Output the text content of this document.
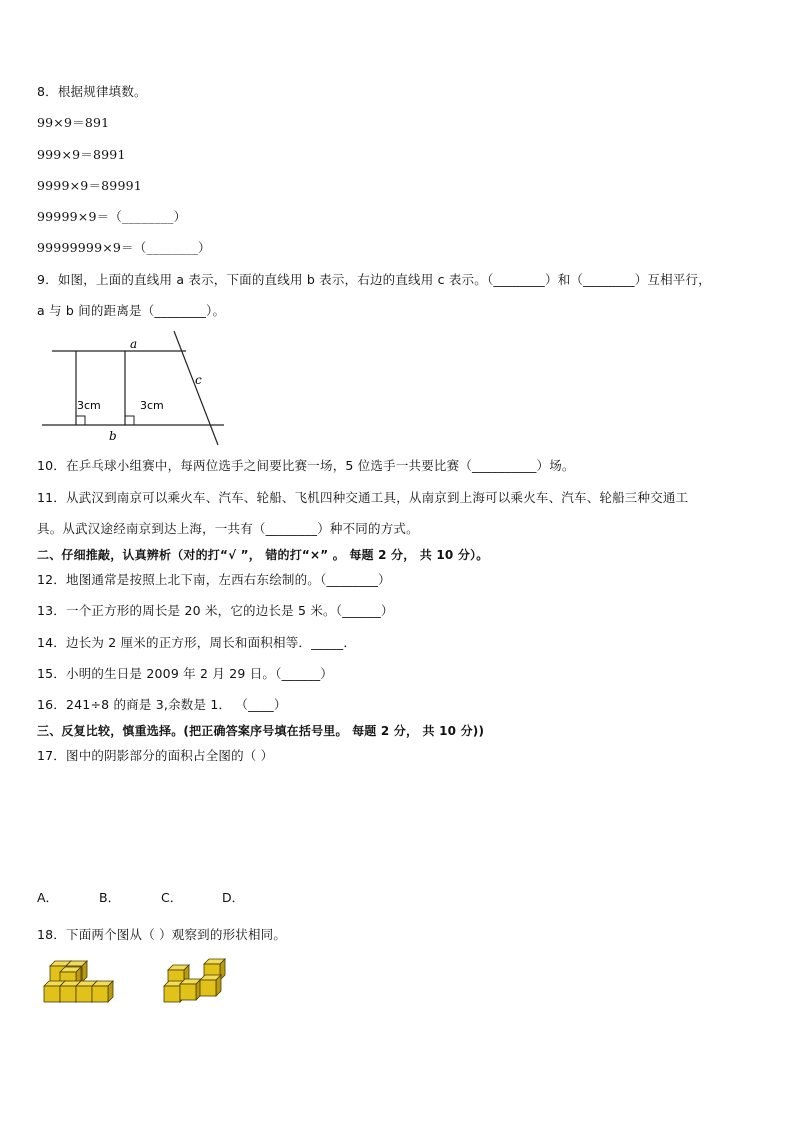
8．根据规律填数。
99×9＝891
999×9＝8991
9999×9＝89991
99999×9＝（________）
99999999×9＝（________）
9．如图，上面的直线用 a 表示，下面的直线用 b 表示，右边的直线用 c 表示。（________）和（________）互相平行，
a 与 b 间的距离是（________）。
a
b
c
3cm	3cm
10．在乒乓球小组赛中，每两位选手之间要比赛一场，5 位选手一共要比赛（__________）场。
11．从武汉到南京可以乘火车、汽车、轮船、飞机四种交通工具，从南京到上海可以乘火车、汽车、轮船三种交通工
具。从武汉途经南京到达上海，一共有（________）种不同的方式。
二、仔细推敲，认真辨析（对的打“√ ”， 错的打“×” 。 每题 2 分， 共 10 分）。
12．地图通常是按照上北下南，左西右东绘制的。（________）
13．一个正方形的周长是 20 米，它的边长是 5 米。（______）
14．边长为 2 厘米的正方形，周长和面积相等．_____．
15．小明的生日是 2009 年 2 月 29 日。（______）
16．241÷8 的商是 3,余数是 1． （____）
三、反复比较，慎重选择。(把正确答案序号填在括号里。 每题 2 分， 共 10 分))
17．图中的阴影部分的面积占全图的（ ）
A．	B．	C．	D．
18．下面两个图从（ ）观察到的形状相同。
